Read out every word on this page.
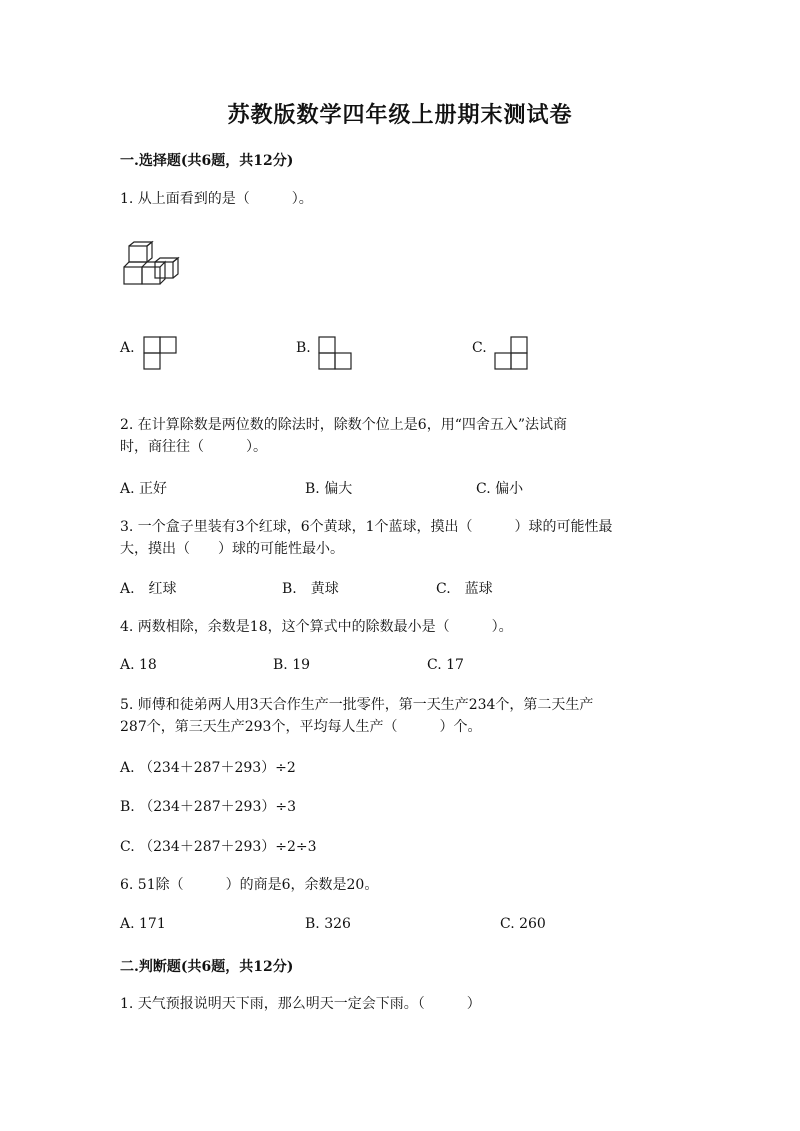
苏教版数学四年级上册期末测试卷
一.选择题(共6题，共12分)
1. 从上面看到的是（　　　）。
A.	B.	C.
2. 在计算除数是两位数的除法时，除数个位上是6，用“四舍五入”法试商
时，商往往（　　　）。
A. 正好	B. 偏大	C. 偏小
3. 一个盒子里装有3个红球，6个黄球，1个蓝球，摸出（　　　）球的可能性最
大，摸出（　　）球的可能性最小。
A.　红球	B.　黄球	C.　蓝球
4. 两数相除，余数是18，这个算式中的除数最小是（　　　）。
A. 18	B. 19	C. 17
5. 师傅和徒弟两人用3天合作生产一批零件，第一天生产234个，第二天生产
287个，第三天生产293个，平均每人生产（　　　）个。
A. （234＋287＋293）÷2
B. （234＋287＋293）÷3
C. （234＋287＋293）÷2÷3
6. 51除（　　　）的商是6，余数是20。
A. 171	B. 326	C. 260
二.判断题(共6题，共12分)
1. 天气预报说明天下雨，那么明天一定会下雨。（　　　）
